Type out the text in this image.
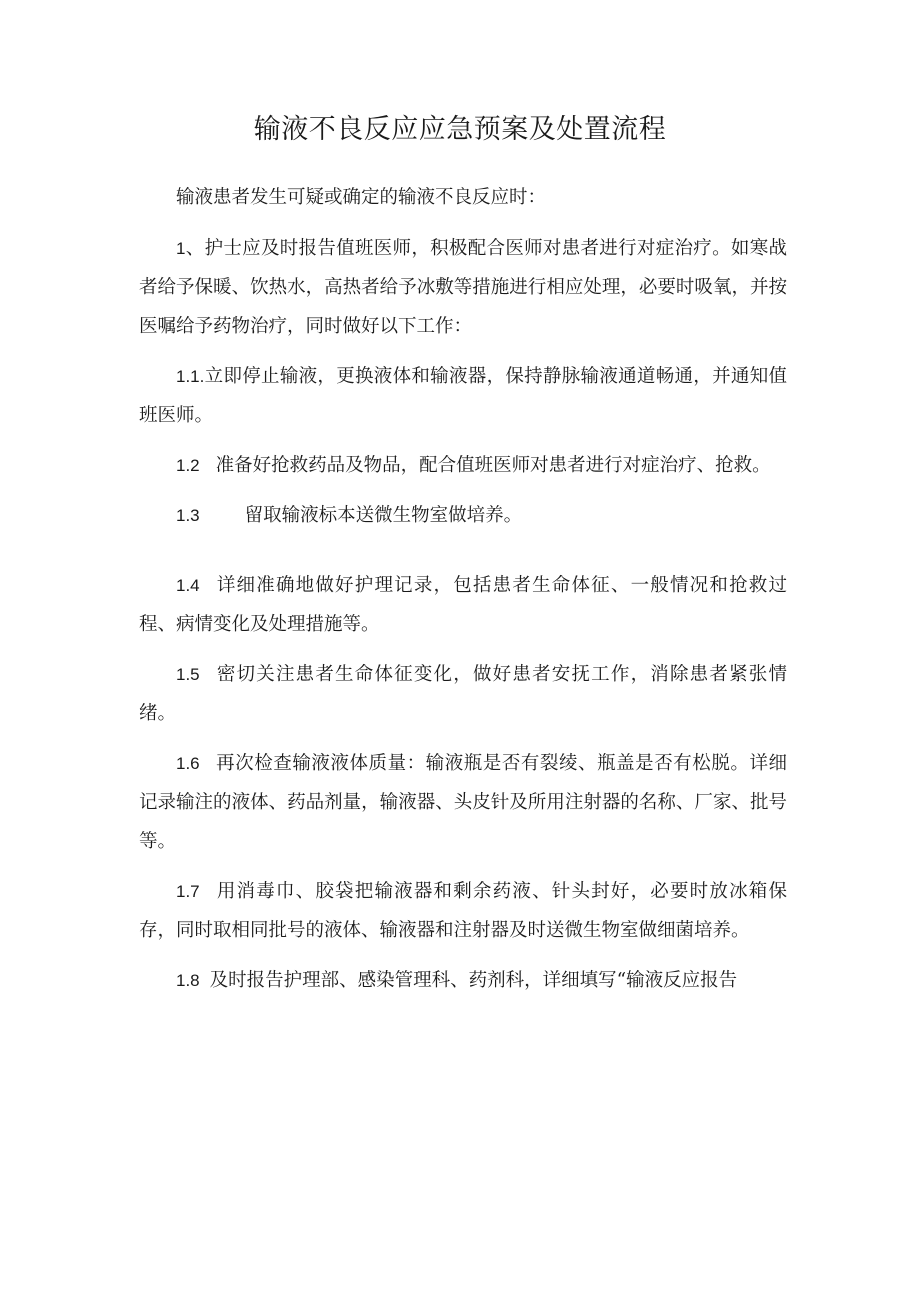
输液不良反应应急预案及处置流程

输液患者发生可疑或确定的输液不良反应时：

1、护士应及时报告值班医师，积极配合医师对患者进行对症治疗。如寒战者给予保暖、饮热水，高热者给予冰敷等措施进行相应处理，必要时吸氧，并按医嘱给予药物治疗，同时做好以下工作：

1.1.立即停止输液，更换液体和输液器，保持静脉输液通道畅通，并通知值班医师。

1.2 准备好抢救药品及物品，配合值班医师对患者进行对症治疗、抢救。

1.3 留取输液标本送微生物室做培养。

1.4 详细准确地做好护理记录，包括患者生命体征、一般情况和抢救过程、病情变化及处理措施等。

1.5 密切关注患者生命体征变化，做好患者安抚工作，消除患者紧张情绪。

1.6 再次检查输液液体质量：输液瓶是否有裂绫、瓶盖是否有松脱。详细记录输注的液体、药品剂量，输液器、头皮针及所用注射器的名称、厂家、批号等。

1.7 用消毒巾、胶袋把输液器和剩余药液、针头封好，必要时放冰箱保存，同时取相同批号的液体、输液器和注射器及时送微生物室做细菌培养。

1.8 及时报告护理部、感染管理科、药剂科，详细填写“输液反应报告
